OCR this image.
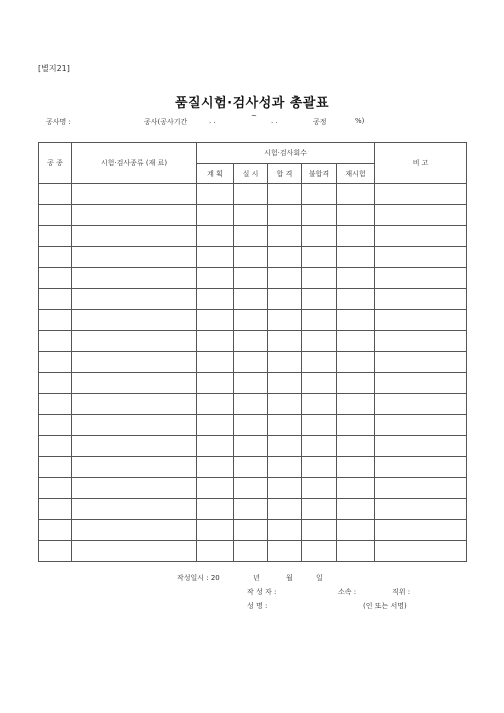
[별지21]
품질시험·검사성과 총괄표
공사명 :	공사(공사기간	. .
~
. .	공정	%)
공 종	시험·검사종류 (재 료)	시험·검사회수					비 고
		계 획	실 시	합 격	불합격	재시험	

작성일시 : 20	년	월	일
작 성 자 :	소속 :	직위 :
성 명 :	(인 또는 서명)
